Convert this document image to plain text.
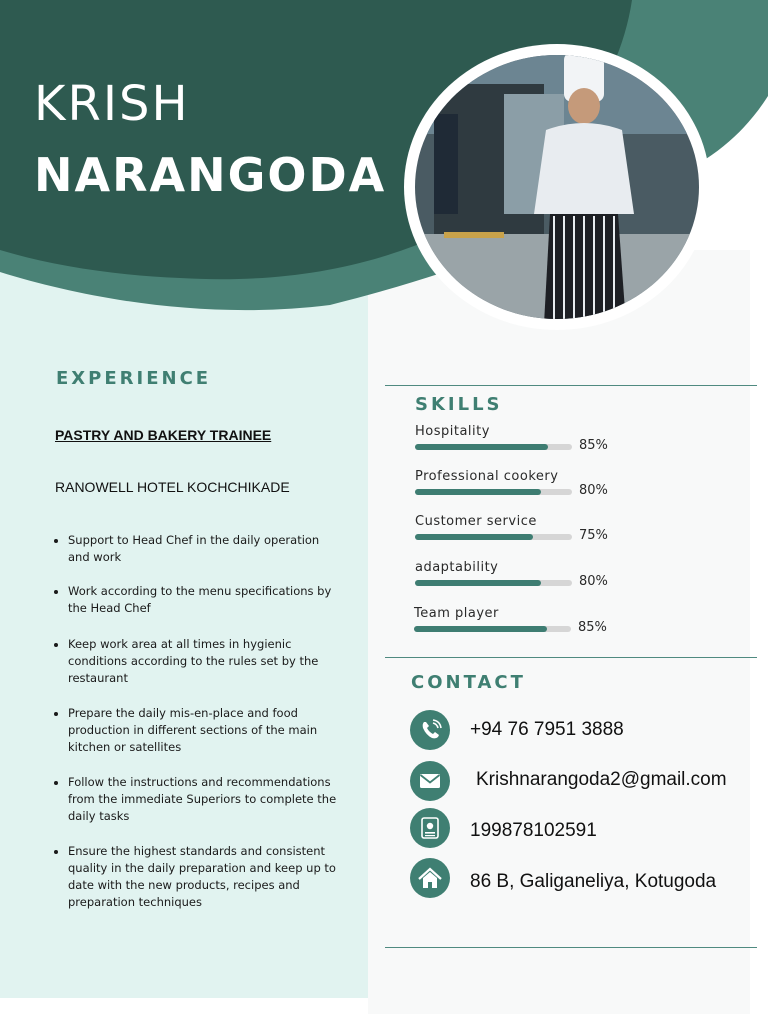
KRISH
NARANGODA
EXPERIENCE
PASTRY AND BAKERY TRAINEE
RANOWELL HOTEL KOCHCHIKADE
• Support to Head Chef in the daily operation and work
• Work according to the menu specifications by the Head Chef
• Keep work area at all times in hygienic conditions according to the rules set by the restaurant
• Prepare the daily mis-en-place and food production in different sections of the main kitchen or satellites
• Follow the instructions and recommendations from the immediate Superiors to complete the daily tasks
• Ensure the highest standards and consistent quality in the daily preparation and keep up to date with the new products, recipes and preparation techniques
SKILLS
Hospitality
85%
Professional cookery
80%
Customer service
75%
adaptability
80%
Team player
85%
CONTACT
+94 76 7951 3888
Krishnarangoda2@gmail.com
199878102591
86 B, Galiganeliya, Kotugoda
